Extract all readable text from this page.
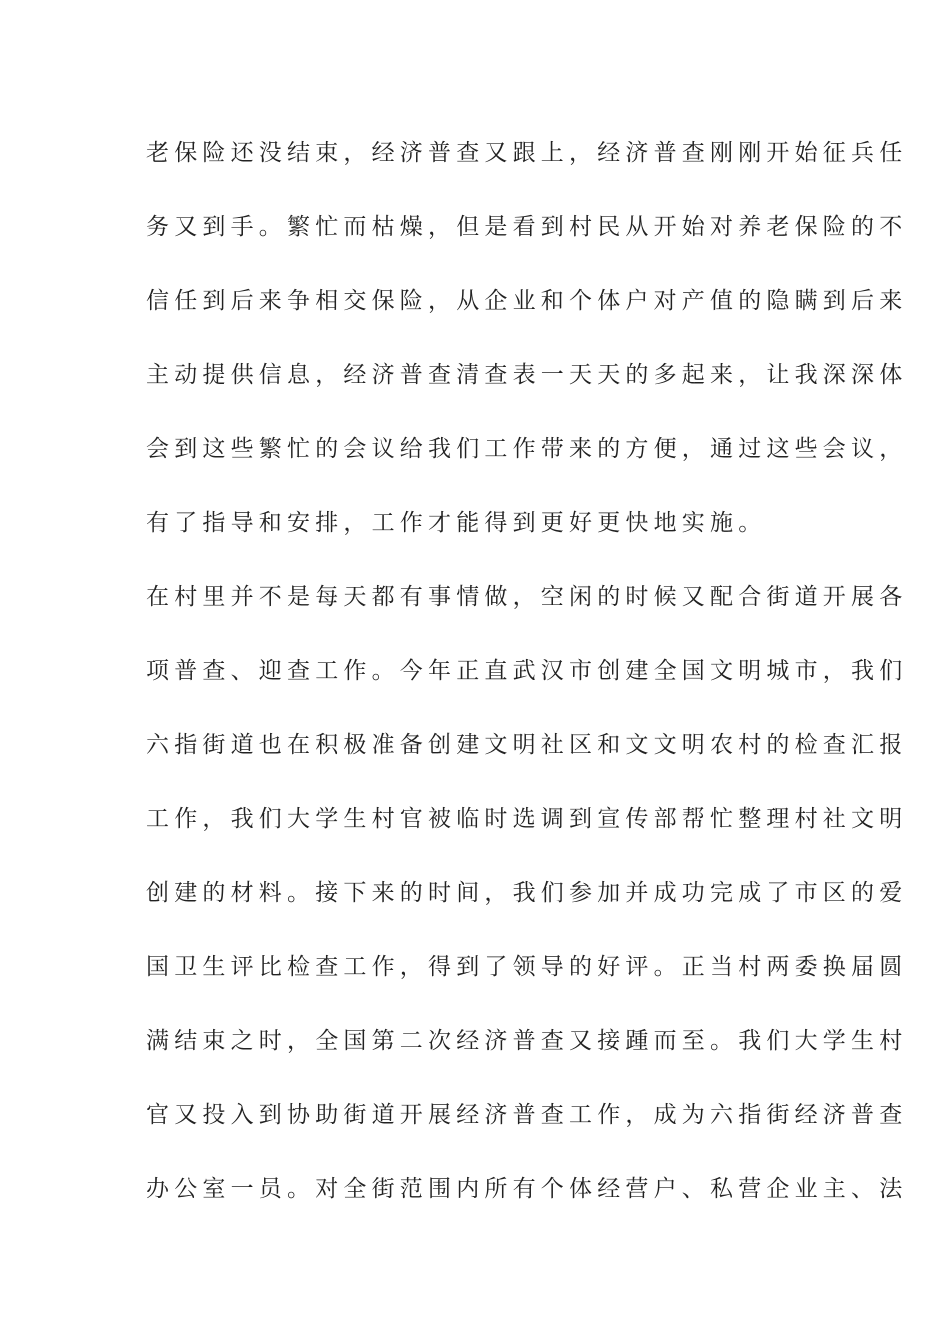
老保险还没结束，经济普查又跟上，经济普查刚刚开始征兵任
务又到手。繁忙而枯燥，但是看到村民从开始对养老保险的不
信任到后来争相交保险，从企业和个体户对产值的隐瞒到后来
主动提供信息，经济普查清查表一天天的多起来，让我深深体
会到这些繁忙的会议给我们工作带来的方便，通过这些会议，
有了指导和安排，工作才能得到更好更快地实施。
在村里并不是每天都有事情做，空闲的时候又配合街道开展各
项普查、迎查工作。今年正直武汉市创建全国文明城市，我们
六指街道也在积极准备创建文明社区和文文明农村的检查汇报
工作，我们大学生村官被临时选调到宣传部帮忙整理村社文明
创建的材料。接下来的时间，我们参加并成功完成了市区的爱
国卫生评比检查工作，得到了领导的好评。正当村两委换届圆
满结束之时，全国第二次经济普查又接踵而至。我们大学生村
官又投入到协助街道开展经济普查工作，成为六指街经济普查
办公室一员。对全街范围内所有个体经营户、私营企业主、法
